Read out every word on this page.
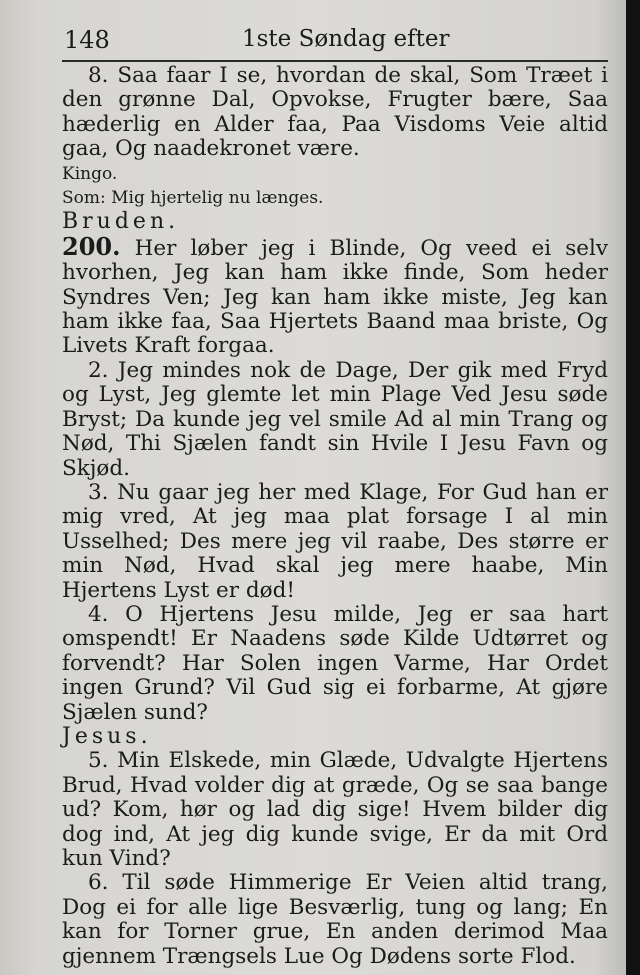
148	1ste Søndag efter

8. Saa faar I se, hvordan de skal, Som Træet i den grønne Dal, Opvokse, Frugter bære, Saa hæderlig en Alder faa, Paa Visdoms Veie altid gaa, Og naadekronet være.

Kingo.

Som: Mig hjertelig nu længes.

Bruden.

200. Her løber jeg i Blinde, Og veed ei selv hvorhen, Jeg kan ham ikke finde, Som heder Syndres Ven; Jeg kan ham ikke miste, Jeg kan ham ikke faa, Saa Hjertets Baand maa briste, Og Livets Kraft forgaa.

2. Jeg mindes nok de Dage, Der gik med Fryd og Lyst, Jeg glemte let min Plage Ved Jesu søde Bryst; Da kunde jeg vel smile Ad al min Trang og Nød, Thi Sjælen fandt sin Hvile I Jesu Favn og Skjød.

3. Nu gaar jeg her med Klage, For Gud han er mig vred, At jeg maa plat forsage I al min Usselhed; Des mere jeg vil raabe, Des større er min Nød, Hvad skal jeg mere haabe, Min Hjertens Lyst er død!

4. O Hjertens Jesu milde, Jeg er saa hart omspendt! Er Naadens søde Kilde Udtørret og forvendt? Har Solen ingen Varme, Har Ordet ingen Grund? Vil Gud sig ei forbarme, At gjøre Sjælen sund?

Jesus.

5. Min Elskede, min Glæde, Udvalgte Hjertens Brud, Hvad volder dig at græde, Og se saa bange ud? Kom, hør og lad dig sige! Hvem bilder dig dog ind, At jeg dig kunde svige, Er da mit Ord kun Vind?

6. Til søde Himmerige Er Veien altid trang, Dog ei for alle lige Besværlig, tung og lang; En kan for Torner grue, En anden derimod Maa gjennem Trængsels Lue Og Dødens sorte Flod.
